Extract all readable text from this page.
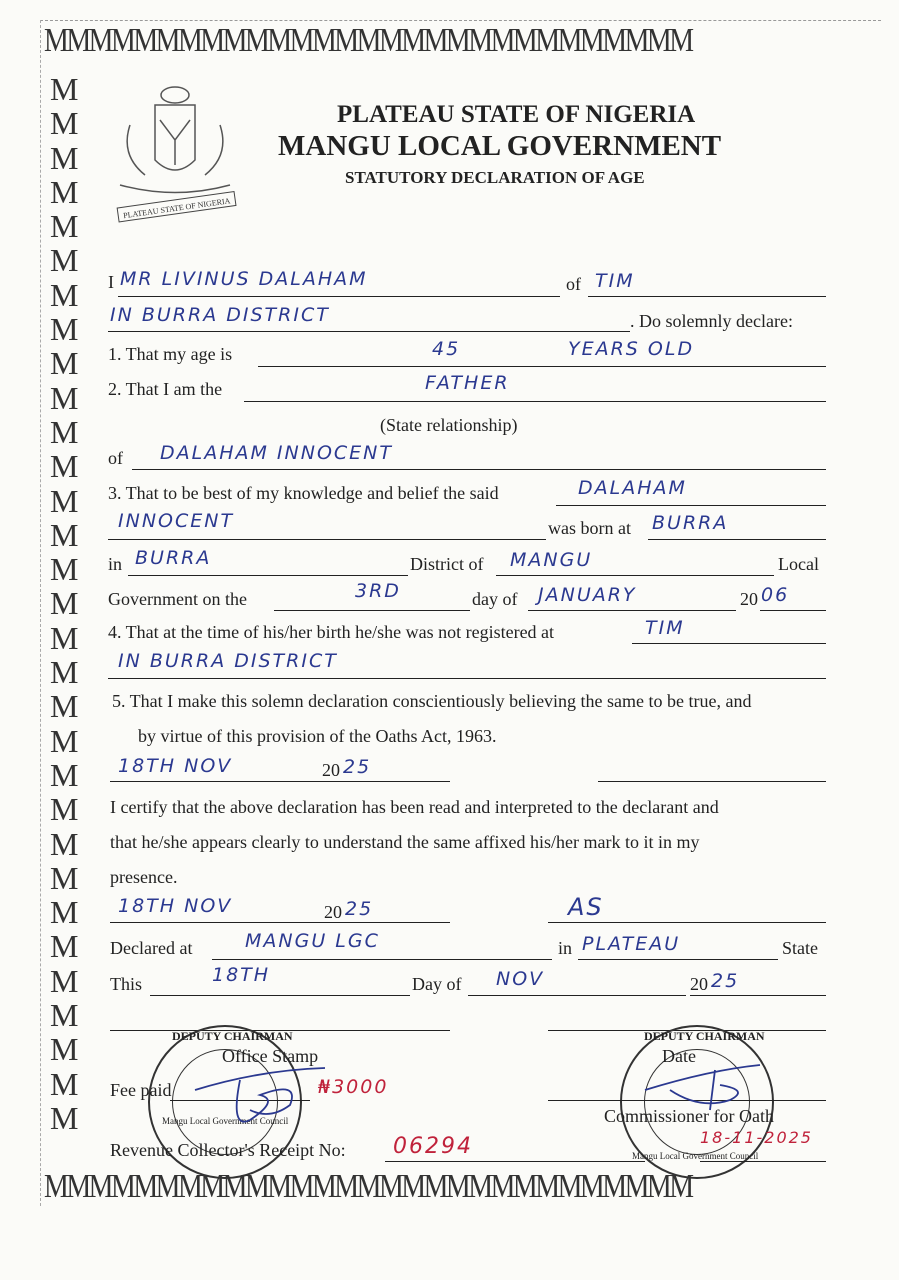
MMMMMMMMMMMMMMMMMMMMMMMMMMMMM
MMMMMMMMMMMMMMMMMMMMMMMMMMMMM
M
M
M
M
M
M
M
M
M
M
M
M
M
M
M
M
M
M
M
M
M
M
M
M
M
M
M
M
M
M
M
PLATEAU STATE OF NIGERIA
PLATEAU STATE OF NIGERIA
MANGU LOCAL GOVERNMENT
STATUTORY DECLARATION OF AGE
I MR LIVINUS DALAHAM	of TIM
IN BURRA DISTRICT	. Do solemnly declare:
1. That my age is	45	YEARS OLD
2. That I am the	FATHER
(State relationship)
of DALAHAM INNOCENT
3. That to be best of my knowledge and belief the said	DALAHAM
INNOCENT	was born at BURRA
in BURRA	District of MANGU	Local
Government on the	3RD	day of JANUARY	20 06
4. That at the time of his/her birth he/she was not registered at	TIM
IN BURRA DISTRICT
5. That I make this solemn declaration conscientiously believing the same to be true, and
by virtue of this provision of the Oaths Act, 1963.
18TH NOV	20 25
I certify that the above declaration has been read and interpreted to the declarant and
that he/she appears clearly to understand the same affixed his/her mark to it in my
presence.
18TH NOV	20 25	AS
Declared at	MANGU LGC	in PLATEAU	State
This	18TH	Day of NOV	20 25
DEPUTY CHAIRMAN	DEPUTY CHAIRMAN
Mangu Local Government Council
Mangu Local Government Council
Office Stamp	Date
Fee paid	₦3000
Commissioner for Oath
18-11-2025
Revenue Collector's Receipt No: 06294
